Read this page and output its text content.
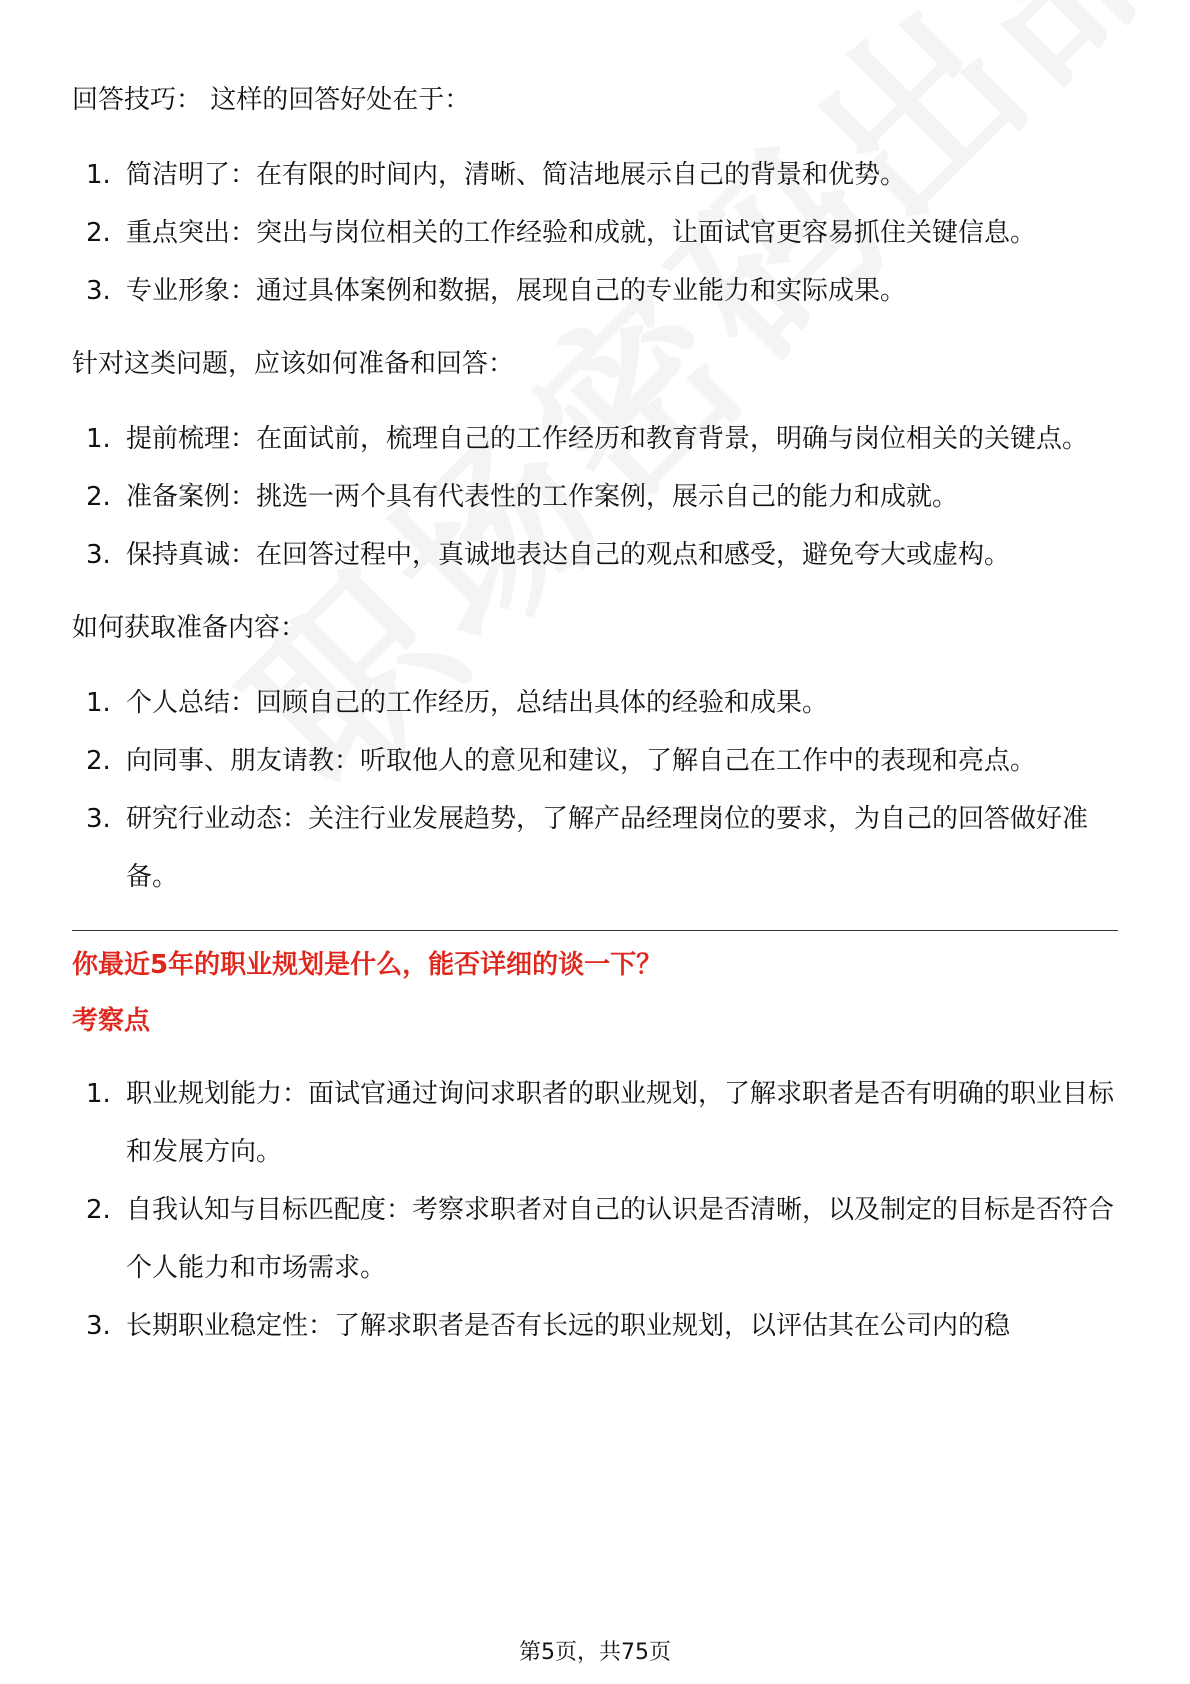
回答技巧： 这样的回答好处在于：

1. 简洁明了：在有限的时间内，清晰、简洁地展示自己的背景和优势。
2. 重点突出：突出与岗位相关的工作经验和成就，让面试官更容易抓住关键信息。
3. 专业形象：通过具体案例和数据，展现自己的专业能力和实际成果。

针对这类问题，应该如何准备和回答：

1. 提前梳理：在面试前，梳理自己的工作经历和教育背景，明确与岗位相关的关键点。
2. 准备案例：挑选一两个具有代表性的工作案例，展示自己的能力和成就。
3. 保持真诚：在回答过程中，真诚地表达自己的观点和感受，避免夸大或虚构。

如何获取准备内容：

1. 个人总结：回顾自己的工作经历，总结出具体的经验和成果。
2. 向同事、朋友请教：听取他人的意见和建议，了解自己在工作中的表现和亮点。
3. 研究行业动态：关注行业发展趋势，了解产品经理岗位的要求，为自己的回答做好准备。

你最近5年的职业规划是什么，能否详细的谈一下？

考察点

1. 职业规划能力：面试官通过询问求职者的职业规划，了解求职者是否有明确的职业目标和发展方向。
2. 自我认知与目标匹配度：考察求职者对自己的认识是否清晰，以及制定的目标是否符合个人能力和市场需求。
3. 长期职业稳定性：了解求职者是否有长远的职业规划，以评估其在公司内的稳
第5页，共75页
